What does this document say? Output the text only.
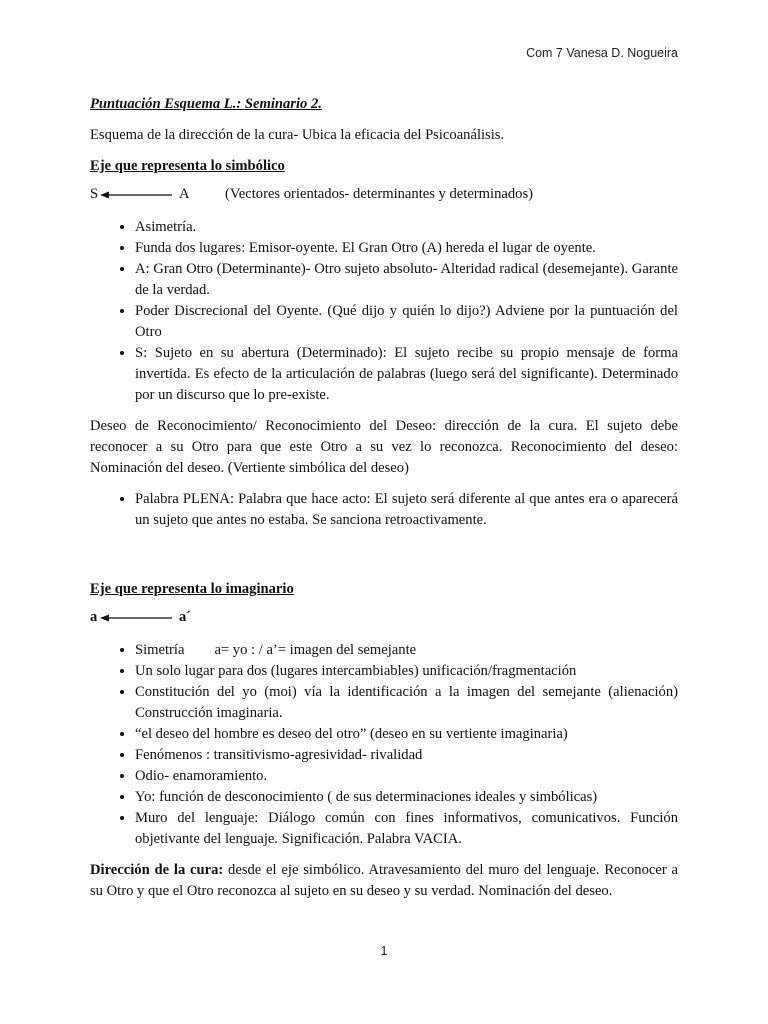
Com 7 Vanesa D. Nogueira

Puntuación Esquema L.: Seminario 2.

Esquema de la dirección de la cura- Ubica la eficacia del Psicoanálisis.

Eje que representa lo simbólico

S	A (Vectores orientados- determinantes y determinados)
• Asimetría.
• Funda dos lugares: Emisor-oyente. El Gran Otro (A) hereda el lugar de oyente.
• A: Gran Otro (Determinante)- Otro sujeto absoluto- Alteridad radical (desemejante). Garante de la verdad.
• Poder Discrecional del Oyente. (Qué dijo y quién lo dijo?) Adviene por la puntuación del Otro
• S: Sujeto en su abertura (Determinado): El sujeto recibe su propio mensaje de forma invertida. Es efecto de la articulación de palabras (luego será del significante). Determinado por un discurso que lo pre-existe.

Deseo de Reconocimiento/ Reconocimiento del Deseo: dirección de la cura. El sujeto debe reconocer a su Otro para que este Otro a su vez lo reconozca. Reconocimiento del deseo: Nominación del deseo. (Vertiente simbólica del deseo)

• Palabra PLENA: Palabra que hace acto: El sujeto será diferente al que antes era o aparecerá un sujeto que antes no estaba. Se sanciona retroactivamente.

Eje que representa lo imaginario

a	a´
• Simetría a= yo : / a’= imagen del semejante
• Un solo lugar para dos (lugares intercambiables) unificación/fragmentación
• Constitución del yo (moi) vía la identificación a la imagen del semejante (alienación) Construcción imaginaria.
• “el deseo del hombre es deseo del otro” (deseo en su vertiente imaginaria)
• Fenómenos : transitivismo-agresividad- rivalidad
• Odio- enamoramiento.
• Yo: función de desconocimiento ( de sus determinaciones ideales y simbólicas)
• Muro del lenguaje: Diálogo común con fines informativos, comunicativos. Función objetivante del lenguaje. Significación. Palabra VACIA.

Dirección de la cura: desde el eje simbólico. Atravesamiento del muro del lenguaje. Reconocer a su Otro y que el Otro reconozca al sujeto en su deseo y su verdad. Nominación del deseo.

1
